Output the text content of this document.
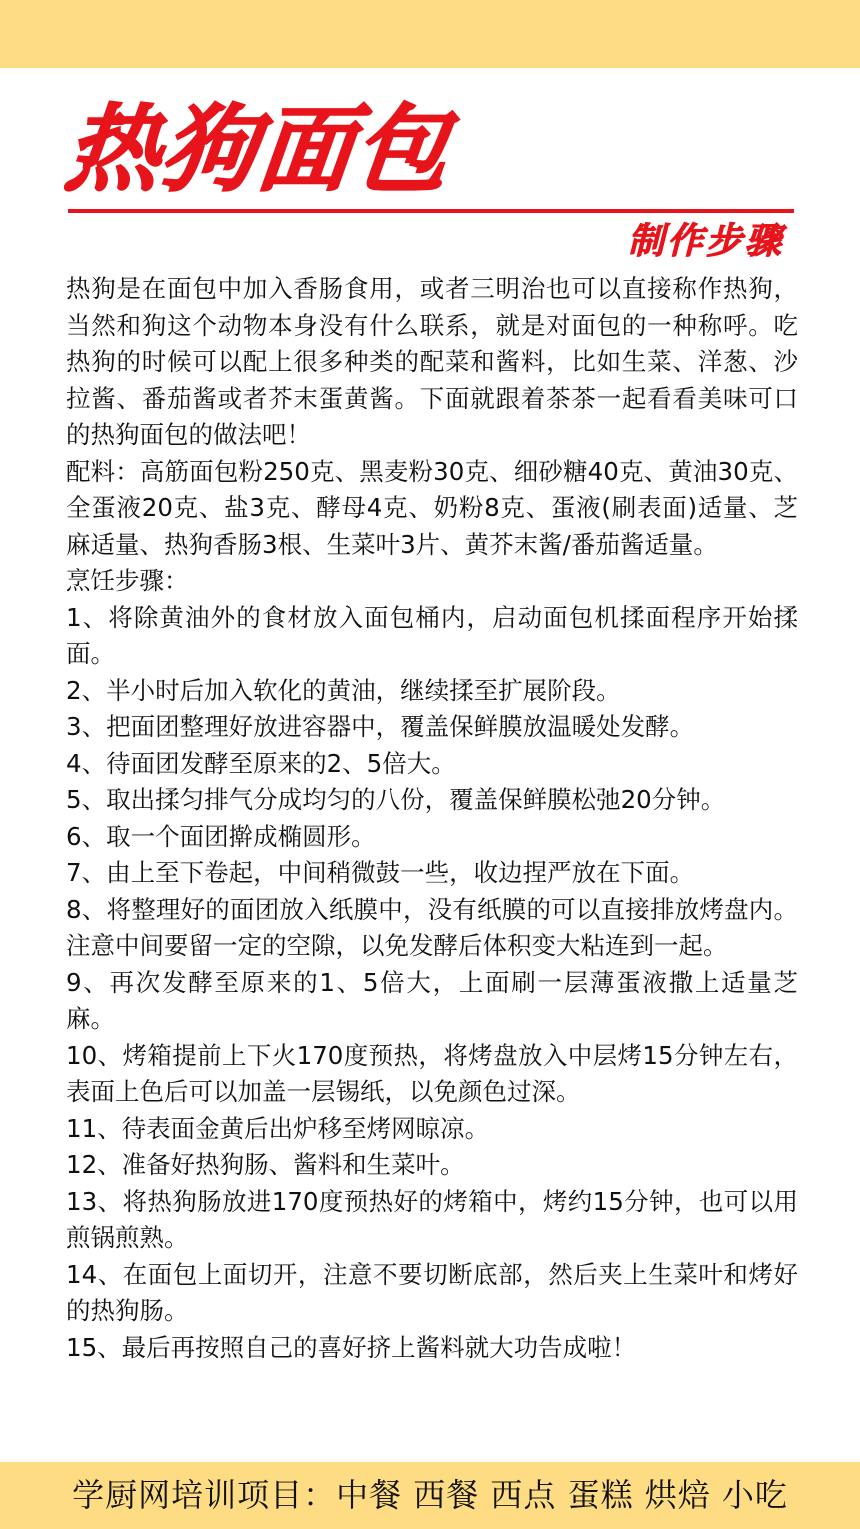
热狗面包
制作步骤

热狗是在面包中加入香肠食用，或者三明治也可以直接称作热狗，当然和狗这个动物本身没有什么联系，就是对面包的一种称呼。吃热狗的时候可以配上很多种类的配菜和酱料，比如生菜、洋葱、沙拉酱、番茄酱或者芥末蛋黄酱。下面就跟着茶茶一起看看美味可口的热狗面包的做法吧！

配料：高筋面包粉250克、黑麦粉30克、细砂糖40克、黄油30克、全蛋液20克、盐3克、酵母4克、奶粉8克、蛋液(刷表面)适量、芝麻适量、热狗香肠3根、生菜叶3片、黄芥末酱/番茄酱适量。

烹饪步骤：

1、将除黄油外的食材放入面包桶内，启动面包机揉面程序开始揉面。

2、半小时后加入软化的黄油，继续揉至扩展阶段。

3、把面团整理好放进容器中，覆盖保鲜膜放温暖处发酵。

4、待面团发酵至原来的2、5倍大。

5、取出揉匀排气分成均匀的八份，覆盖保鲜膜松弛20分钟。

6、取一个面团擀成椭圆形。

7、由上至下卷起，中间稍微鼓一些，收边捏严放在下面。

8、将整理好的面团放入纸膜中，没有纸膜的可以直接排放烤盘内。注意中间要留一定的空隙，以免发酵后体积变大粘连到一起。

9、再次发酵至原来的1、5倍大，上面刷一层薄蛋液撒上适量芝麻。

10、烤箱提前上下火170度预热，将烤盘放入中层烤15分钟左右，表面上色后可以加盖一层锡纸，以免颜色过深。

11、待表面金黄后出炉移至烤网晾凉。

12、准备好热狗肠、酱料和生菜叶。

13、将热狗肠放进170度预热好的烤箱中，烤约15分钟，也可以用煎锅煎熟。

14、在面包上面切开，注意不要切断底部，然后夹上生菜叶和烤好的热狗肠。

15、最后再按照自己的喜好挤上酱料就大功告成啦！

学厨网培训项目：中餐 西餐 西点 蛋糕 烘焙 小吃
